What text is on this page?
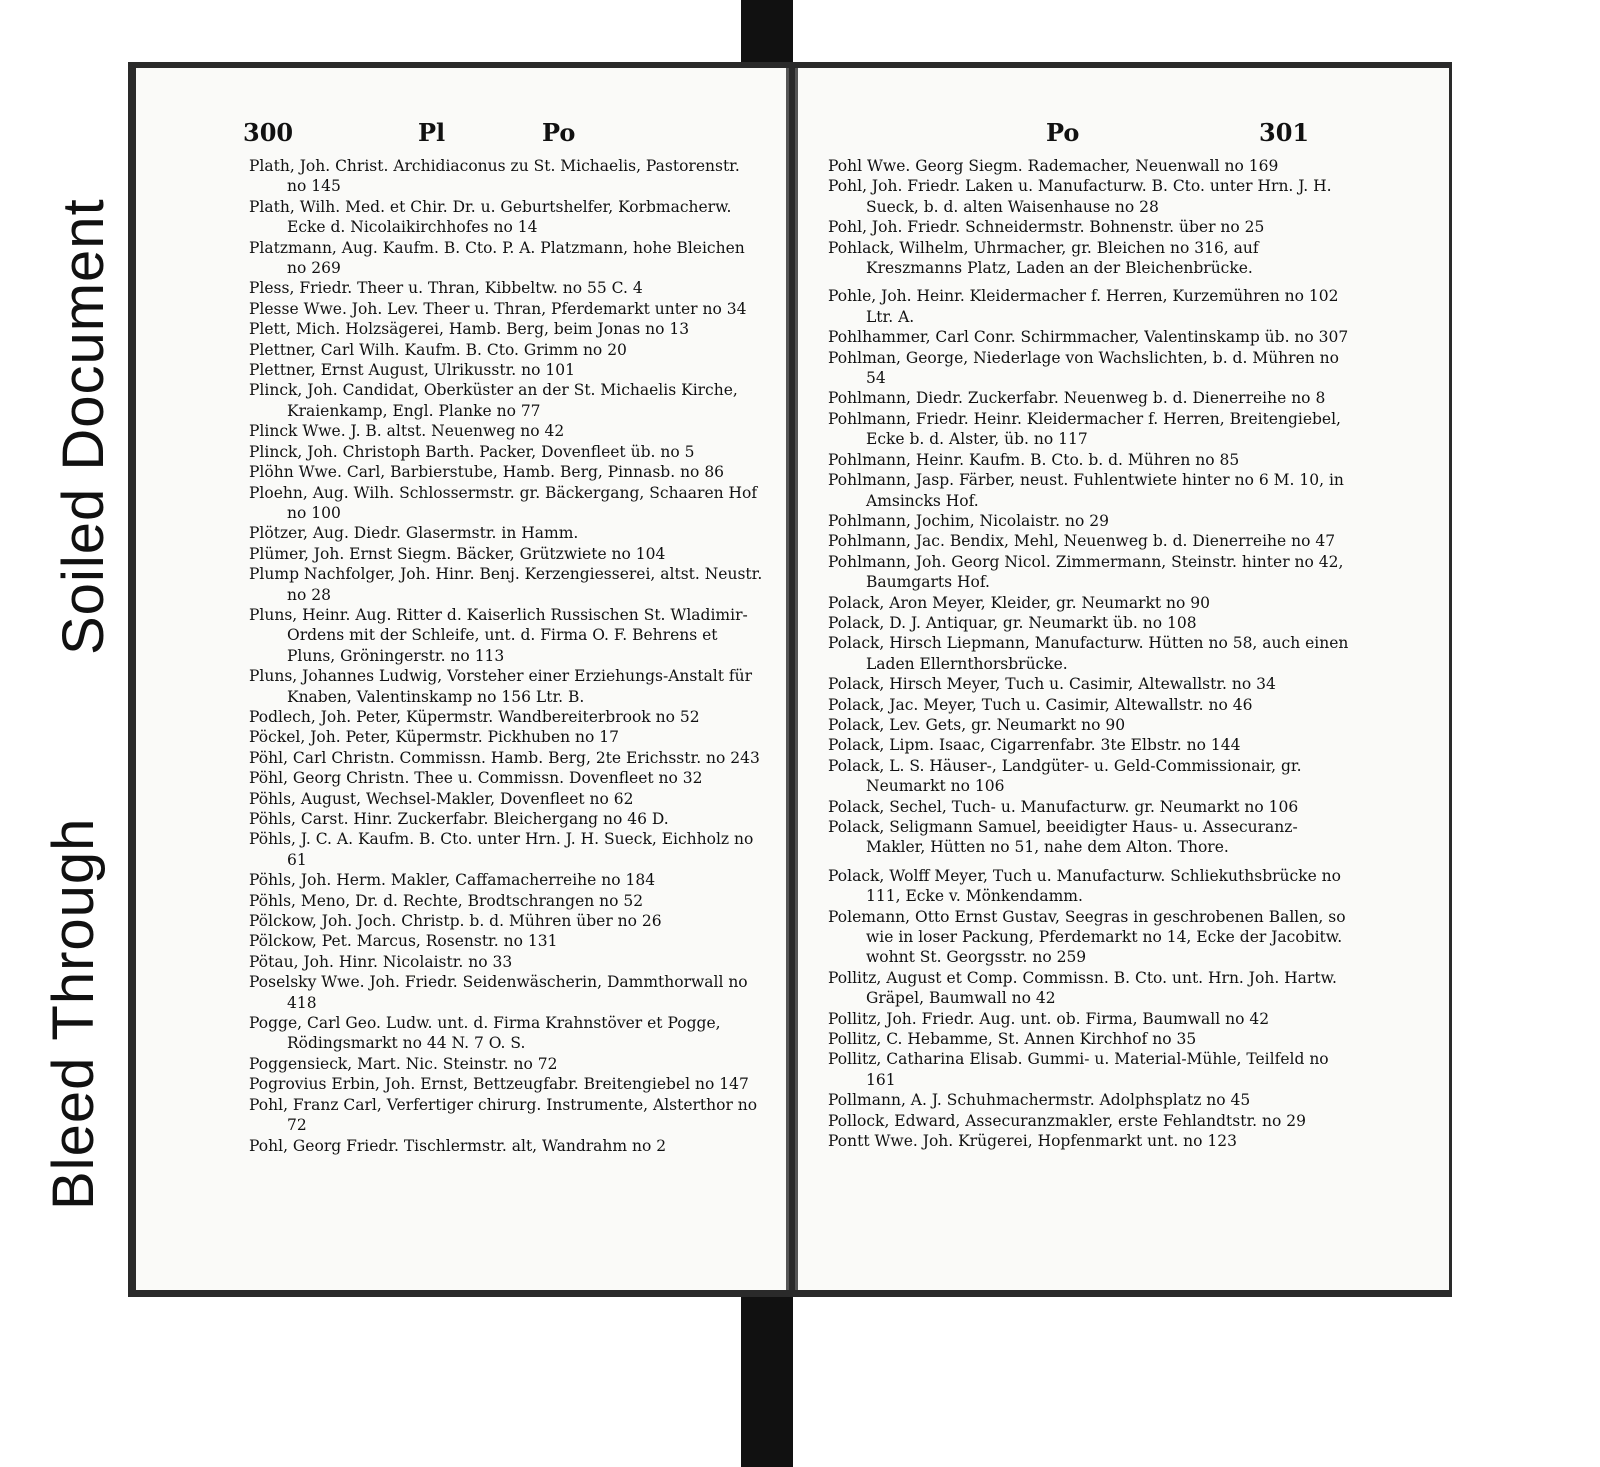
Soiled Document
Bleed Through
300	Pl	Po
Plath, Joh. Christ. Archidiaconus zu St. Michaelis, Pastorenstr. no 145
Plath, Wilh. Med. et Chir. Dr. u. Geburtshelfer, Korbmacherw. Ecke d. Nicolaikirchhofes no 14
Platzmann, Aug. Kaufm. B. Cto. P. A. Platzmann, hohe Bleichen no 269
Pless, Friedr. Theer u. Thran, Kibbeltw. no 55 C. 4
Plesse Wwe. Joh. Lev. Theer u. Thran, Pferdemarkt unter no 34
Plett, Mich. Holzsägerei, Hamb. Berg, beim Jonas no 13
Plettner, Carl Wilh. Kaufm. B. Cto. Grimm no 20
Plettner, Ernst August, Ulrikusstr. no 101
Plinck, Joh. Candidat, Oberküster an der St. Michaelis Kirche, Kraienkamp, Engl. Planke no 77
Plinck Wwe. J. B. altst. Neuenweg no 42
Plinck, Joh. Christoph Barth. Packer, Dovenfleet üb. no 5
Plöhn Wwe. Carl, Barbierstube, Hamb. Berg, Pinnasb. no 86
Ploehn, Aug. Wilh. Schlossermstr. gr. Bäckergang, Schaaren Hof no 100
Plötzer, Aug. Diedr. Glasermstr. in Hamm.
Plümer, Joh. Ernst Siegm. Bäcker, Grützwiete no 104
Plump Nachfolger, Joh. Hinr. Benj. Kerzengiesserei, altst. Neustr. no 28
Pluns, Heinr. Aug. Ritter d. Kaiserlich Russischen St. Wladimir-Ordens mit der Schleife, unt. d. Firma O. F. Behrens et Pluns, Gröningerstr. no 113
Pluns, Johannes Ludwig, Vorsteher einer Erziehungs-Anstalt für Knaben, Valentinskamp no 156 Ltr. B.
Podlech, Joh. Peter, Küpermstr. Wandbereiterbrook no 52
Pöckel, Joh. Peter, Küpermstr. Pickhuben no 17
Pöhl, Carl Christn. Commissn. Hamb. Berg, 2te Erichsstr. no 243
Pöhl, Georg Christn. Thee u. Commissn. Dovenfleet no 32
Pöhls, August, Wechsel-Makler, Dovenfleet no 62
Pöhls, Carst. Hinr. Zuckerfabr. Bleichergang no 46 D.
Pöhls, J. C. A. Kaufm. B. Cto. unter Hrn. J. H. Sueck, Eichholz no 61
Pöhls, Joh. Herm. Makler, Caffamacherreihe no 184
Pöhls, Meno, Dr. d. Rechte, Brodtschrangen no 52
Pölckow, Joh. Joch. Christp. b. d. Mühren über no 26
Pölckow, Pet. Marcus, Rosenstr. no 131
Pötau, Joh. Hinr. Nicolaistr. no 33
Poselsky Wwe. Joh. Friedr. Seidenwäscherin, Dammthorwall no 418
Pogge, Carl Geo. Ludw. unt. d. Firma Krahnstöver et Pogge, Rödingsmarkt no 44 N. 7 O. S.
Poggensieck, Mart. Nic. Steinstr. no 72
Pogrovius Erbin, Joh. Ernst, Bettzeugfabr. Breitengiebel no 147
Pohl, Franz Carl, Verfertiger chirurg. Instrumente, Alsterthor no 72
Pohl, Georg Friedr. Tischlermstr. alt, Wandrahm no 2
Po	301
Pohl Wwe. Georg Siegm. Rademacher, Neuenwall no 169
Pohl, Joh. Friedr. Laken u. Manufacturw. B. Cto. unter Hrn. J. H. Sueck, b. d. alten Waisenhause no 28
Pohl, Joh. Friedr. Schneidermstr. Bohnenstr. über no 25
Pohlack, Wilhelm, Uhrmacher, gr. Bleichen no 316, auf Kreszmanns Platz, Laden an der Bleichenbrücke.
Pohle, Joh. Heinr. Kleidermacher f. Herren, Kurzemühren no 102 Ltr. A.
Pohlhammer, Carl Conr. Schirmmacher, Valentinskamp üb. no 307
Pohlman, George, Niederlage von Wachslichten, b. d. Mühren no 54
Pohlmann, Diedr. Zuckerfabr. Neuenweg b. d. Dienerreihe no 8
Pohlmann, Friedr. Heinr. Kleidermacher f. Herren, Breitengiebel, Ecke b. d. Alster, üb. no 117
Pohlmann, Heinr. Kaufm. B. Cto. b. d. Mühren no 85
Pohlmann, Jasp. Färber, neust. Fuhlentwiete hinter no 6 M. 10, in Amsincks Hof.
Pohlmann, Jochim, Nicolaistr. no 29
Pohlmann, Jac. Bendix, Mehl, Neuenweg b. d. Dienerreihe no 47
Pohlmann, Joh. Georg Nicol. Zimmermann, Steinstr. hinter no 42, Baumgarts Hof.
Polack, Aron Meyer, Kleider, gr. Neumarkt no 90
Polack, D. J. Antiquar, gr. Neumarkt üb. no 108
Polack, Hirsch Liepmann, Manufacturw. Hütten no 58, auch einen Laden Ellernthorsbrücke.
Polack, Hirsch Meyer, Tuch u. Casimir, Altewallstr. no 34
Polack, Jac. Meyer, Tuch u. Casimir, Altewallstr. no 46
Polack, Lev. Gets, gr. Neumarkt no 90
Polack, Lipm. Isaac, Cigarrenfabr. 3te Elbstr. no 144
Polack, L. S. Häuser-, Landgüter- u. Geld-Commissionair, gr. Neumarkt no 106
Polack, Sechel, Tuch- u. Manufacturw. gr. Neumarkt no 106
Polack, Seligmann Samuel, beeidigter Haus- u. Assecuranz-Makler, Hütten no 51, nahe dem Alton. Thore.
Polack, Wolff Meyer, Tuch u. Manufacturw. Schliekuthsbrücke no 111, Ecke v. Mönkendamm.
Polemann, Otto Ernst Gustav, Seegras in geschrobenen Ballen, so wie in loser Packung, Pferdemarkt no 14, Ecke der Jacobitw. wohnt St. Georgsstr. no 259
Pollitz, August et Comp. Commissn. B. Cto. unt. Hrn. Joh. Hartw. Gräpel, Baumwall no 42
Pollitz, Joh. Friedr. Aug. unt. ob. Firma, Baumwall no 42
Pollitz, C. Hebamme, St. Annen Kirchhof no 35
Pollitz, Catharina Elisab. Gummi- u. Material-Mühle, Teilfeld no 161
Pollmann, A. J. Schuhmachermstr. Adolphsplatz no 45
Pollock, Edward, Assecuranzmakler, erste Fehlandtstr. no 29
Pontt Wwe. Joh. Krügerei, Hopfenmarkt unt. no 123
